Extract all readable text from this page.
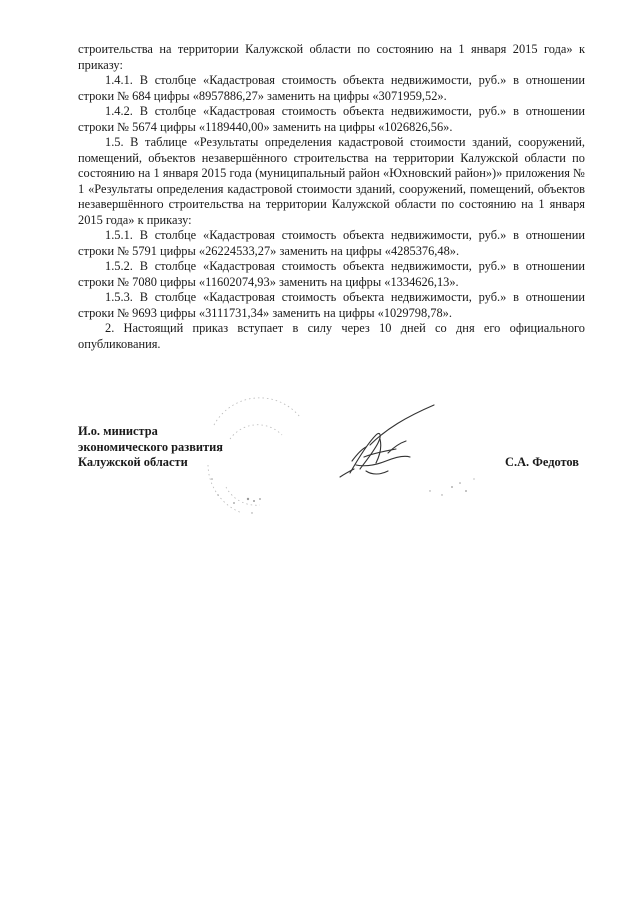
строительства на территории Калужской области по состоянию на 1 января 2015 года» к приказу:

1.4.1. В столбце «Кадастровая стоимость объекта недвижимости, руб.» в отношении строки № 684 цифры «8957886,27» заменить на цифры «3071959,52».

1.4.2. В столбце «Кадастровая стоимость объекта недвижимости, руб.» в отношении строки № 5674 цифры «1189440,00» заменить на цифры «1026826,56».

1.5. В таблице «Результаты определения кадастровой стоимости зданий, сооружений, помещений, объектов незавершённого строительства на территории Калужской области по состоянию на 1 января 2015 года (муниципальный район «Юхновский район»)» приложения № 1 «Результаты определения кадастровой стоимости зданий, сооружений, помещений, объектов незавершённого строительства на территории Калужской области по состоянию на 1 января 2015 года» к приказу:

1.5.1. В столбце «Кадастровая стоимость объекта недвижимости, руб.» в отношении строки № 5791 цифры «26224533,27» заменить на цифры «4285376,48».

1.5.2. В столбце «Кадастровая стоимость объекта недвижимости, руб.» в отношении строки № 7080 цифры «11602074,93» заменить на цифры «1334626,13».

1.5.3. В столбце «Кадастровая стоимость объекта недвижимости, руб.» в отношении строки № 9693 цифры «3111731,34» заменить на цифры «1029798,78».

2. Настоящий приказ вступает в силу через 10 дней со дня его официального опубликования.

И.о. министра
экономического развития
Калужской области	С.А. Федотов
